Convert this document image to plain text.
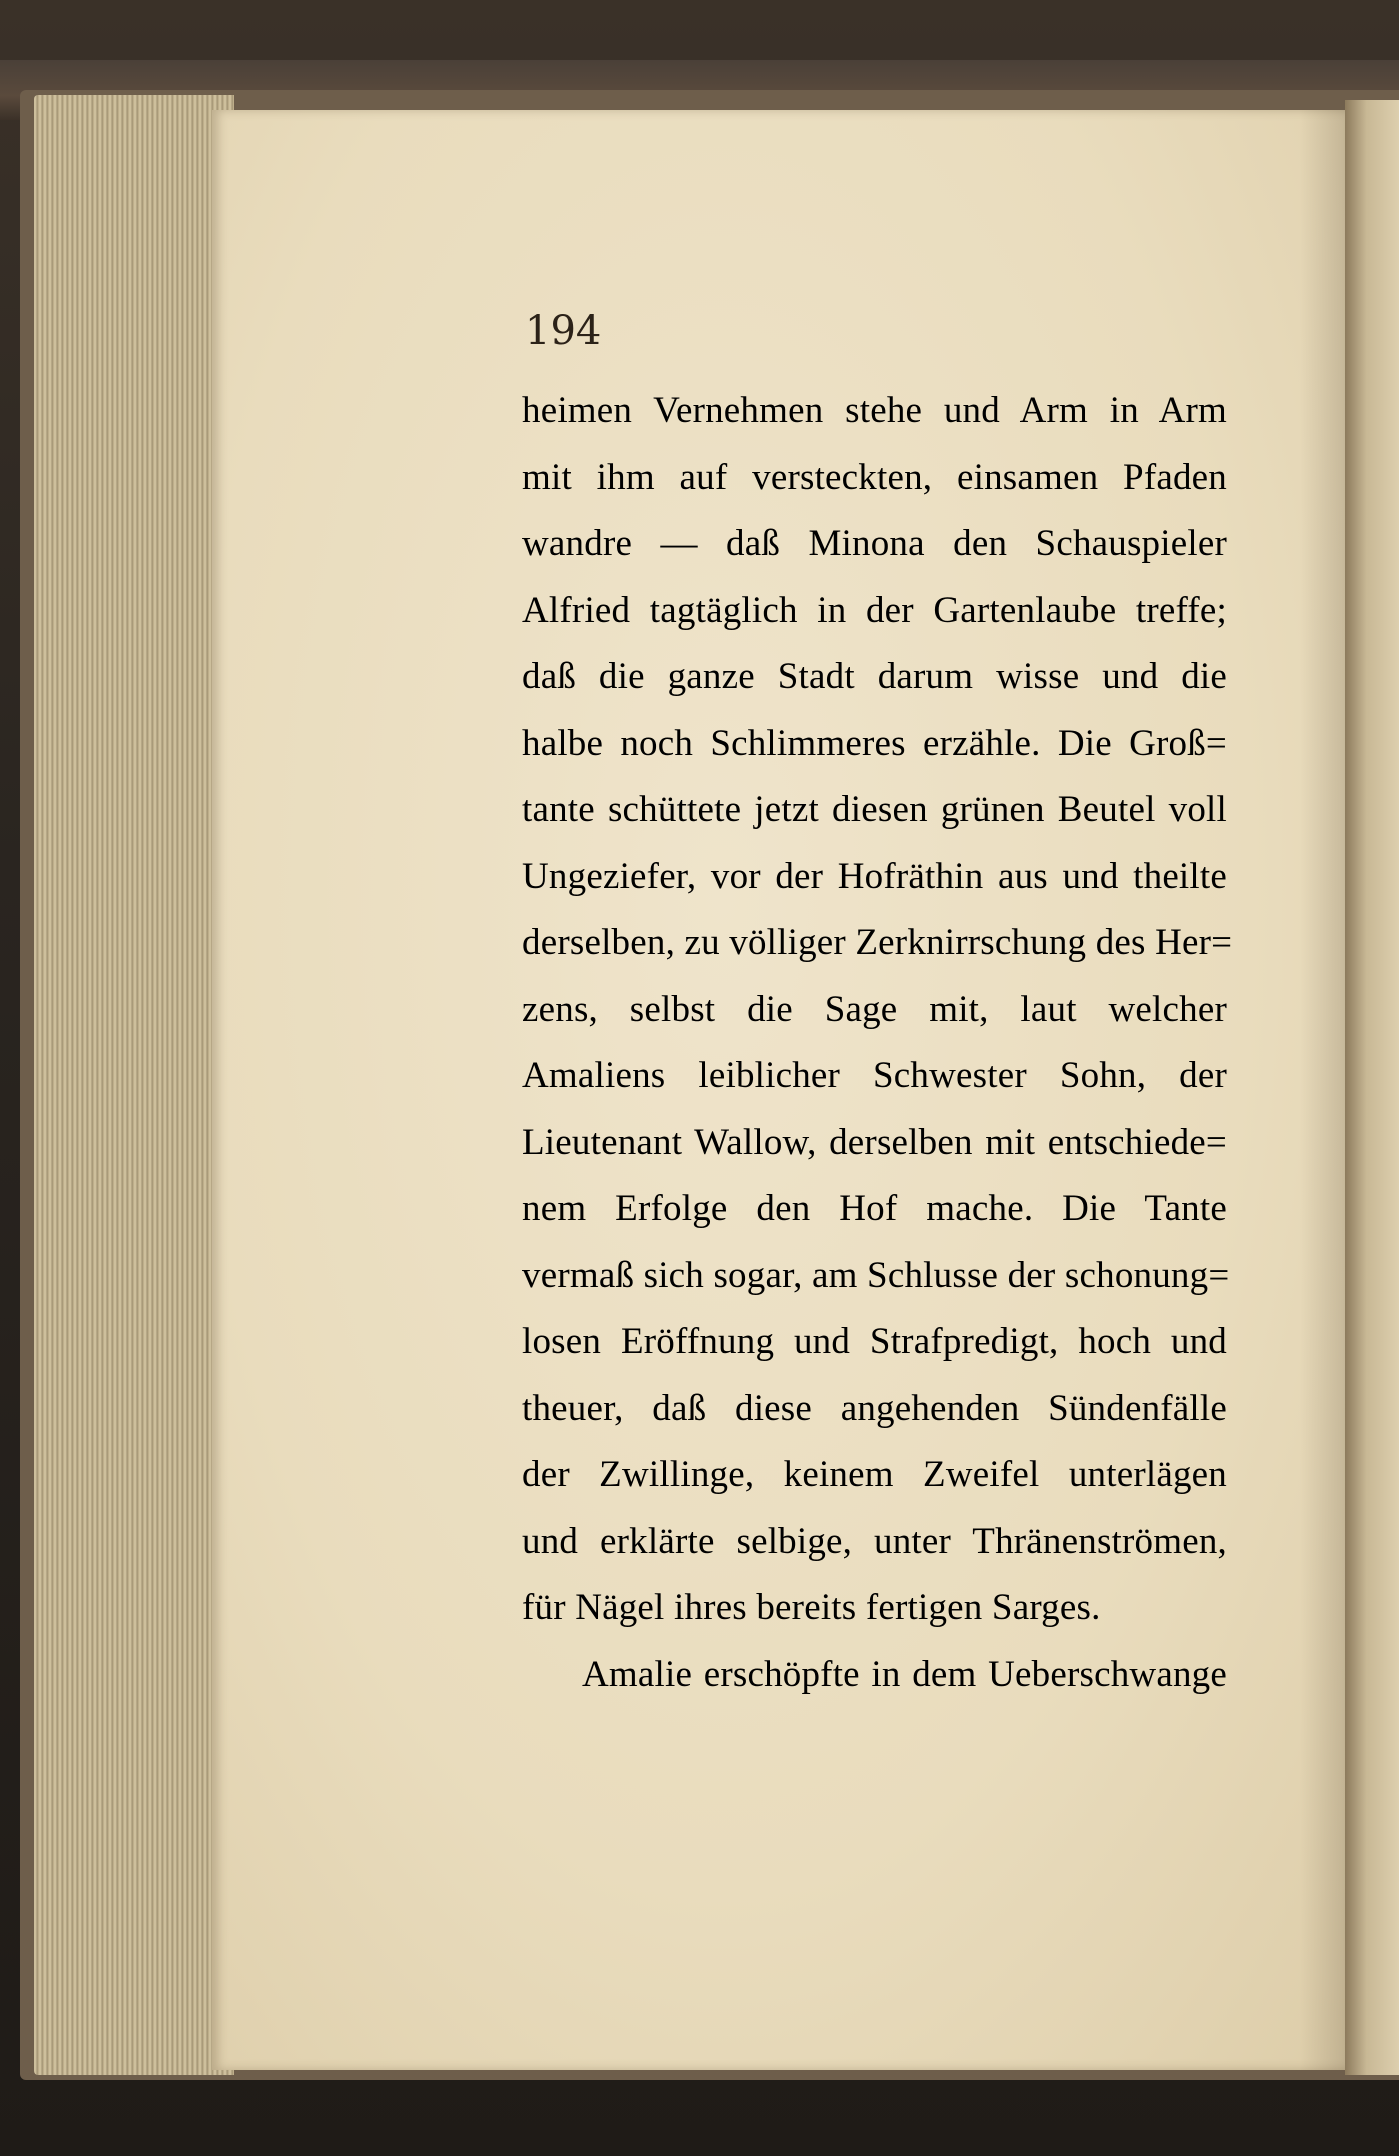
194
heimen Vernehmen stehe und Arm in Arm
mit ihm auf versteckten, einsamen Pfaden
wandre — daß Minona den Schauspieler
Alfried tagtäglich in der Gartenlaube treffe;
daß die ganze Stadt darum wisse und die
halbe noch Schlimmeres erzähle. Die Groß=
tante schüttete jetzt diesen grünen Beutel voll
Ungeziefer, vor der Hofräthin aus und theilte
derselben, zu völliger Zerknirrschung des Her=
zens, selbst die Sage mit, laut welcher
Amaliens leiblicher Schwester Sohn, der
Lieutenant Wallow, derselben mit entschiede=
nem Erfolge den Hof mache. Die Tante
vermaß sich sogar, am Schlusse der schonung=
losen Eröffnung und Strafpredigt, hoch und
theuer, daß diese angehenden Sündenfälle
der Zwillinge, keinem Zweifel unterlägen
und erklärte selbige, unter Thränenströmen,
für Nägel ihres bereits fertigen Sarges.
Amalie erschöpfte in dem Ueberschwange
